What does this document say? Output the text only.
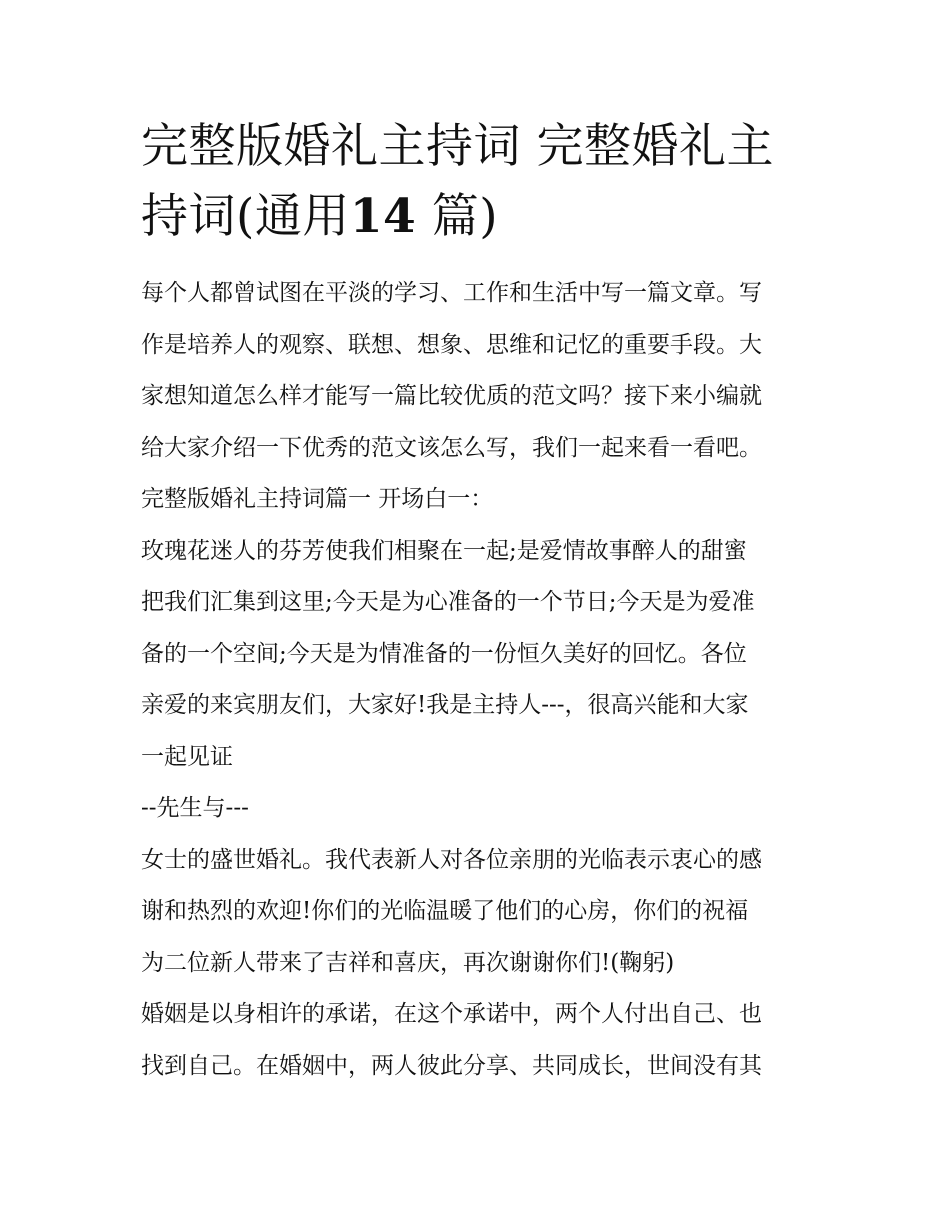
完整版婚礼主持词 完整婚礼主
持词(通用14 篇)
每个人都曾试图在平淡的学习、工作和生活中写一篇文章。写
作是培养人的观察、联想、想象、思维和记忆的重要手段。大
家想知道怎么样才能写一篇比较优质的范文吗？接下来小编就
给大家介绍一下优秀的范文该怎么写，我们一起来看一看吧。
完整版婚礼主持词篇一 开场白一：
玫瑰花迷人的芬芳使我们相聚在一起;是爱情故事醉人的甜蜜
把我们汇集到这里;今天是为心准备的一个节日;今天是为爱准
备的一个空间;今天是为情准备的一份恒久美好的回忆。各位
亲爱的来宾朋友们，大家好!我是主持人---，很高兴能和大家
一起见证
--先生与---
女士的盛世婚礼。我代表新人对各位亲朋的光临表示衷心的感
谢和热烈的欢迎!你们的光临温暖了他们的心房，你们的祝福
为二位新人带来了吉祥和喜庆，再次谢谢你们!(鞠躬)
婚姻是以身相许的承诺，在这个承诺中，两个人付出自己、也
找到自己。在婚姻中，两人彼此分享、共同成长，世间没有其
